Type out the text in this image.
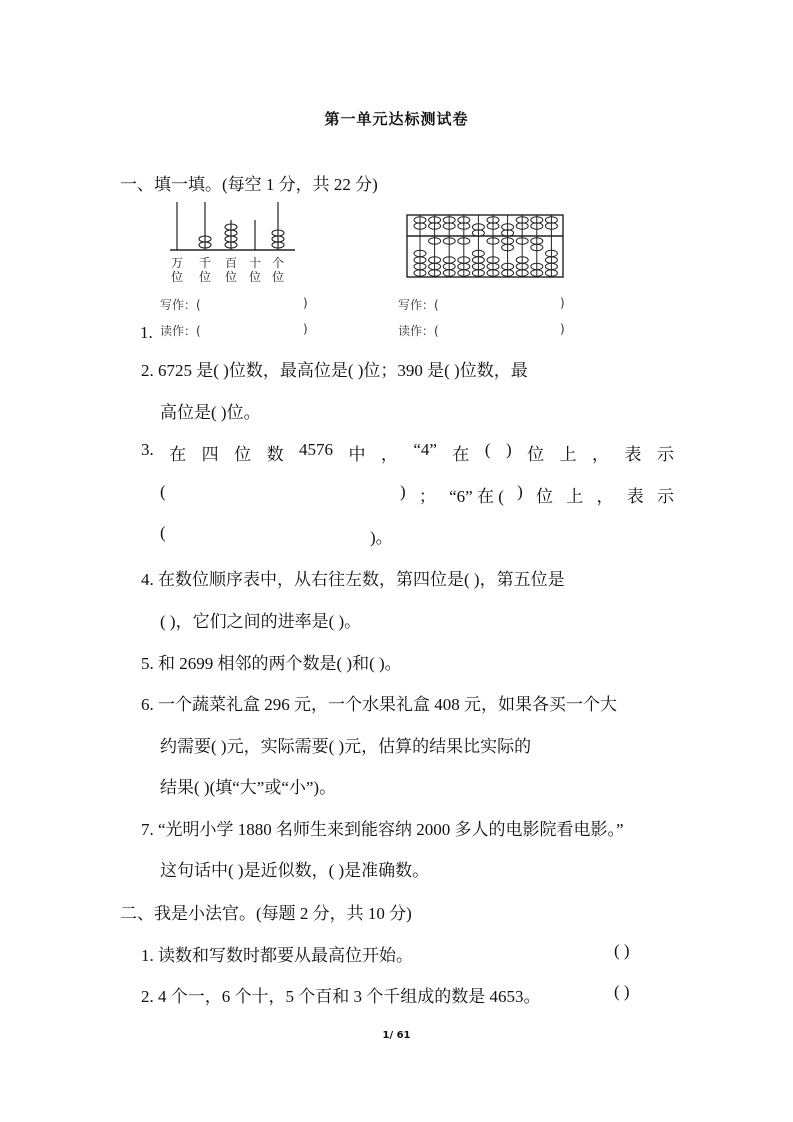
第一单元达标测试卷
一、填一填。(每空 1 分，共 22 分)
万 千 百 十 个
位 位 位 位 位
写作：(	)	写作：(	)
1. 读作：(	)	读作：(	)
2. 6725 是( )位数，最高位是( )位；390 是( )位数，最
高位是( )位。
3. 在 四 位 数 4576 中 ， “4” 在 ( ) 位 上 ， 表 示
(	) ； “6” 在 ( ) 位 上 ， 表 示
(	)。
4. 在数位顺序表中，从右往左数，第四位是( )，第五位是
( )，它们之间的进率是( )。
5. 和 2699 相邻的两个数是( )和( )。
6. 一个蔬菜礼盒 296 元，一个水果礼盒 408 元，如果各买一个大
约需要( )元，实际需要( )元，估算的结果比实际的
结果( )(填“大”或“小”)。
7. “光明小学 1880 名师生来到能容纳 2000 多人的电影院看电影。”
这句话中( )是近似数，( )是准确数。
二、我是小法官。(每题 2 分，共 10 分)
1. 读数和写数时都要从最高位开始。	( )
2. 4 个一，6 个十，5 个百和 3 个千组成的数是 4653。	( )
1/ 61
